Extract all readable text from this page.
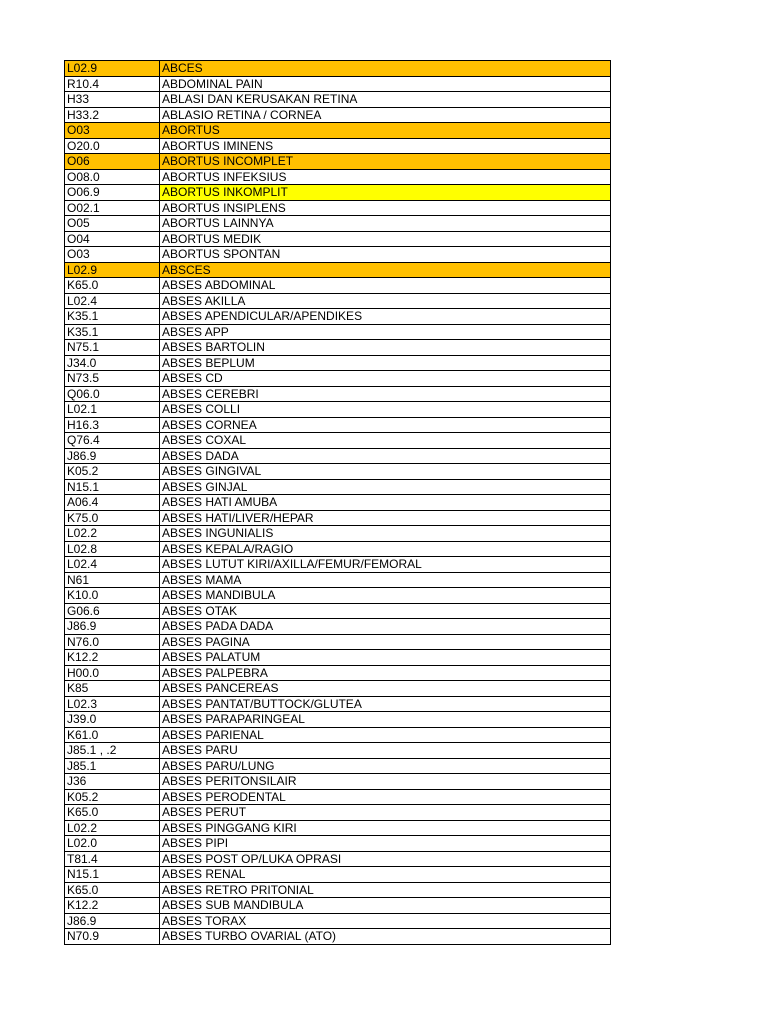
L02.9	ABCES
R10.4	ABDOMINAL PAIN
H33	ABLASI DAN KERUSAKAN RETINA
H33.2	ABLASIO RETINA / CORNEA
O03	ABORTUS
O20.0	ABORTUS IMINENS
O06	ABORTUS INCOMPLET
O08.0	ABORTUS INFEKSIUS
O06.9	ABORTUS INKOMPLIT
O02.1	ABORTUS INSIPLENS
O05	ABORTUS LAINNYA
O04	ABORTUS MEDIK
O03	ABORTUS SPONTAN
L02.9	ABSCES
K65.0	ABSES ABDOMINAL
L02.4	ABSES AKILLA
K35.1	ABSES APENDICULAR/APENDIKES
K35.1	ABSES APP
N75.1	ABSES BARTOLIN
J34.0	ABSES BEPLUM
N73.5	ABSES CD
Q06.0	ABSES CEREBRI
L02.1	ABSES COLLI
H16.3	ABSES CORNEA
Q76.4	ABSES COXAL
J86.9	ABSES DADA
K05.2	ABSES GINGIVAL
N15.1	ABSES GINJAL
A06.4	ABSES HATI AMUBA
K75.0	ABSES HATI/LIVER/HEPAR
L02.2	ABSES INGUNIALIS
L02.8	ABSES KEPALA/RAGIO
L02.4	ABSES LUTUT KIRI/AXILLA/FEMUR/FEMORAL
N61	ABSES MAMA
K10.0	ABSES MANDIBULA
G06.6	ABSES OTAK
J86.9	ABSES PADA DADA
N76.0	ABSES PAGINA
K12.2	ABSES PALATUM
H00.0	ABSES PALPEBRA
K85	ABSES PANCEREAS
L02.3	ABSES PANTAT/BUTTOCK/GLUTEA
J39.0	ABSES PARAPARINGEAL
K61.0	ABSES PARIENAL
J85.1 , .2	ABSES PARU
J85.1	ABSES PARU/LUNG
J36	ABSES PERITONSILAIR
K05.2	ABSES PERODENTAL
K65.0	ABSES PERUT
L02.2	ABSES PINGGANG KIRI
L02.0	ABSES PIPI
T81.4	ABSES POST OP/LUKA OPRASI
N15.1	ABSES RENAL
K65.0	ABSES RETRO PRITONIAL
K12.2	ABSES SUB MANDIBULA
J86.9	ABSES TORAX
N70.9	ABSES TURBO OVARIAL (ATO)
